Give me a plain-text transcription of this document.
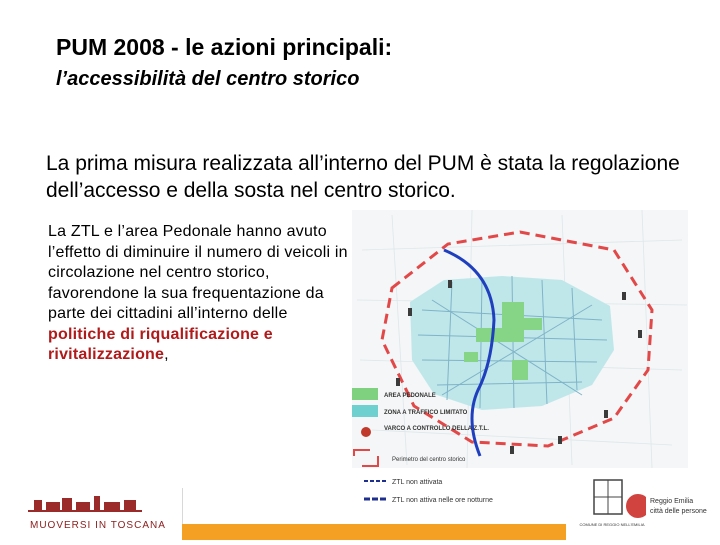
PUM 2008 - le azioni principali:
l’accessibilità del centro storico
La prima misura realizzata all’interno del PUM è stata la regolazione dell’accesso e della sosta nel centro storico.
La ZTL e l’area Pedonale hanno avuto l’effetto di diminuire il numero di veicoli in circolazione nel centro storico, favorendone la sua frequentazione da parte dei cittadini all’interno delle politiche di riqualificazione e rivitalizzazione,
AREA PEDONALE
ZONA A TRAFFICO LIMITATO
VARCO A CONTROLLO DELLA Z.T.L.
Perimetro del centro storico
ZTL non attivata
ZTL non attiva nelle ore notturne
MUOVERSI IN TOSCANA	COMUNE DI REGGIO NELL'EMILIA
Reggio Emilia
città delle persone
